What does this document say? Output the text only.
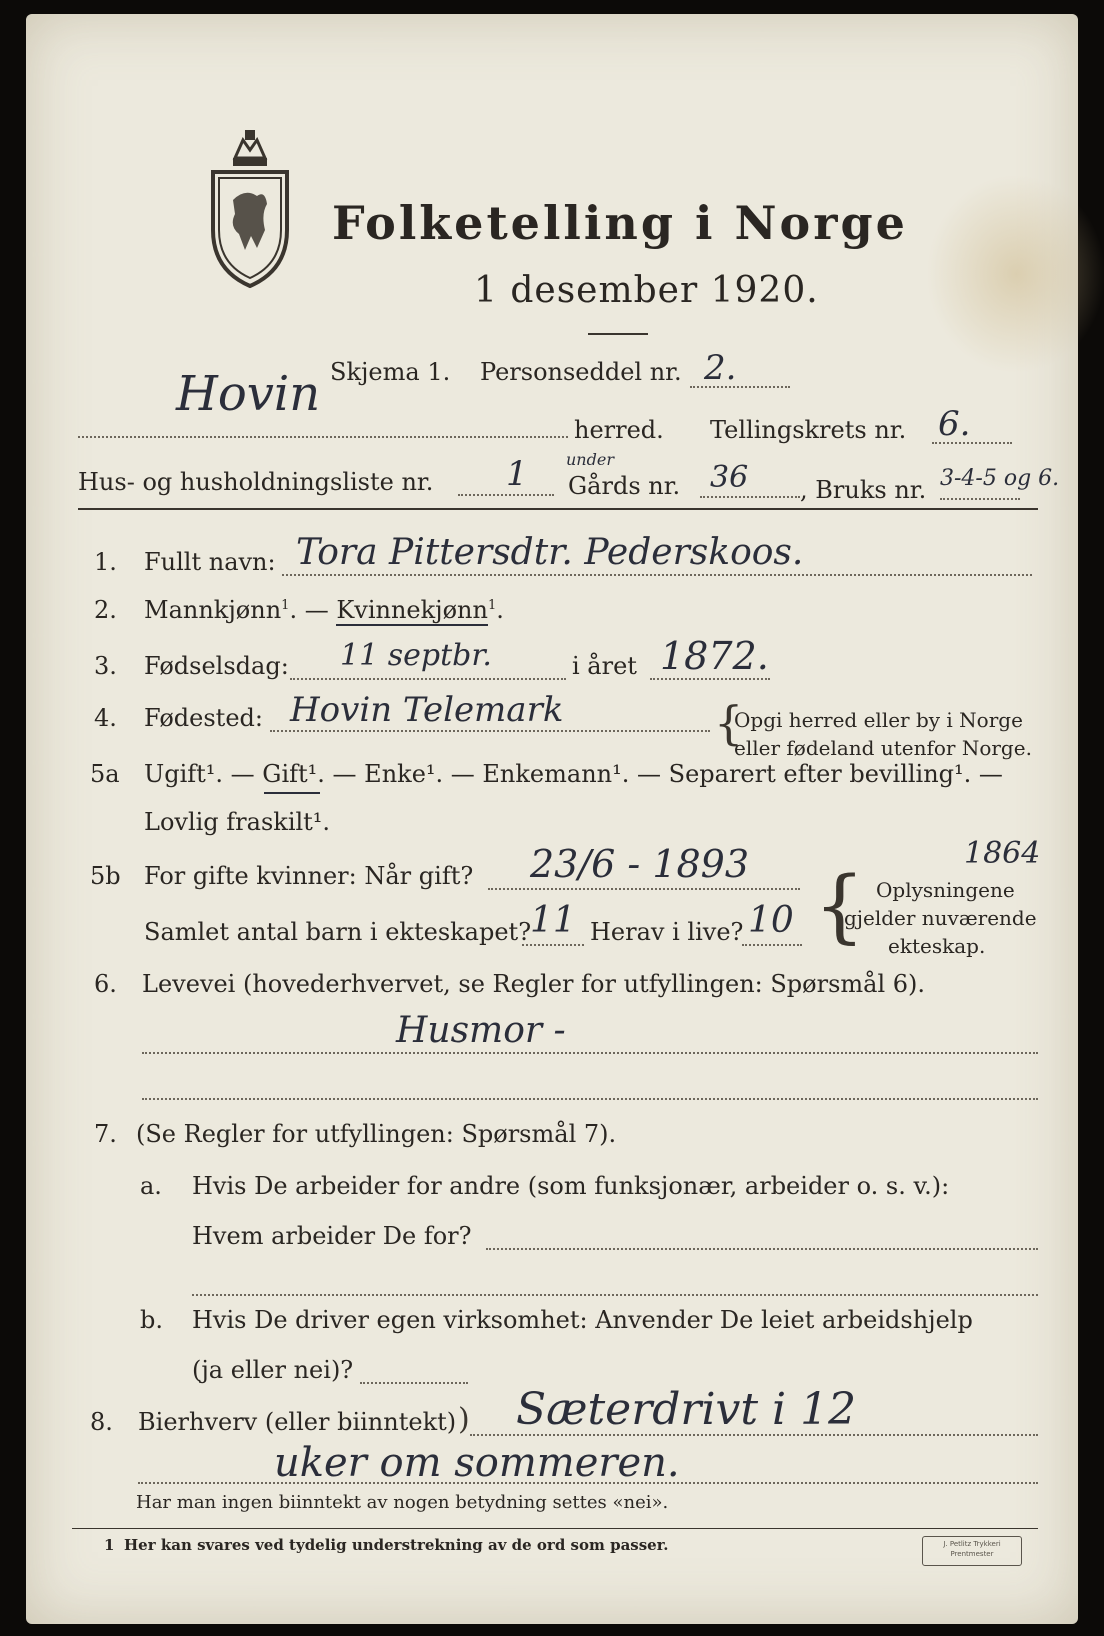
Folketelling i Norge
1 desember 1920.
Skjema 1. Personseddel nr. 2.
Hovin
herred. Tellingskrets nr. 6.
Hus- og husholdningsliste nr. 1 under
Gårds nr. 36 , Bruks nr. 3-4-5 og 6.
1. Fullt navn: Tora Pittersdtr. Pederskoos.
2. Mannkjønn$^1$. — Kvinnekjønn$^1$.
3. Fødselsdag: 11 septbr.	i året 1872.
4. Fødested: Hovin Telemark	{
Opgi herred eller by i Norge
eller fødeland utenfor Norge.
5a Ugift¹. — Gift¹. — Enke¹. — Enkemann¹. — Separert efter bevilling¹. —
Lovlig fraskilt¹.
5b For gifte kvinner: Når gift? 23/6 - 1893	1864
Samlet antal barn i ekteskapet?
11 Herav i live? 10 { Oplysningene
gjelder nuværende
ekteskap.
6. Levevei (hovederhvervet, se Regler for utfyllingen: Spørsmål 6).
Husmor -
7. (Se Regler for utfyllingen: Spørsmål 7).
a. Hvis De arbeider for andre (som funksjonær, arbeider o. s. v.):
Hvem arbeider De for?
b. Hvis De driver egen virksomhet: Anvender De leiet arbeidshjelp
(ja eller nei)?
8. Bierhverv (eller biinntekt) ) Sæterdrivt i 12
uker om sommeren.
Har man ingen biinntekt av nogen betydning settes «nei».
1 Her kan svares ved tydelig understrekning av de ord som passer.	J. Petlitz Trykkeri
Prentmester
